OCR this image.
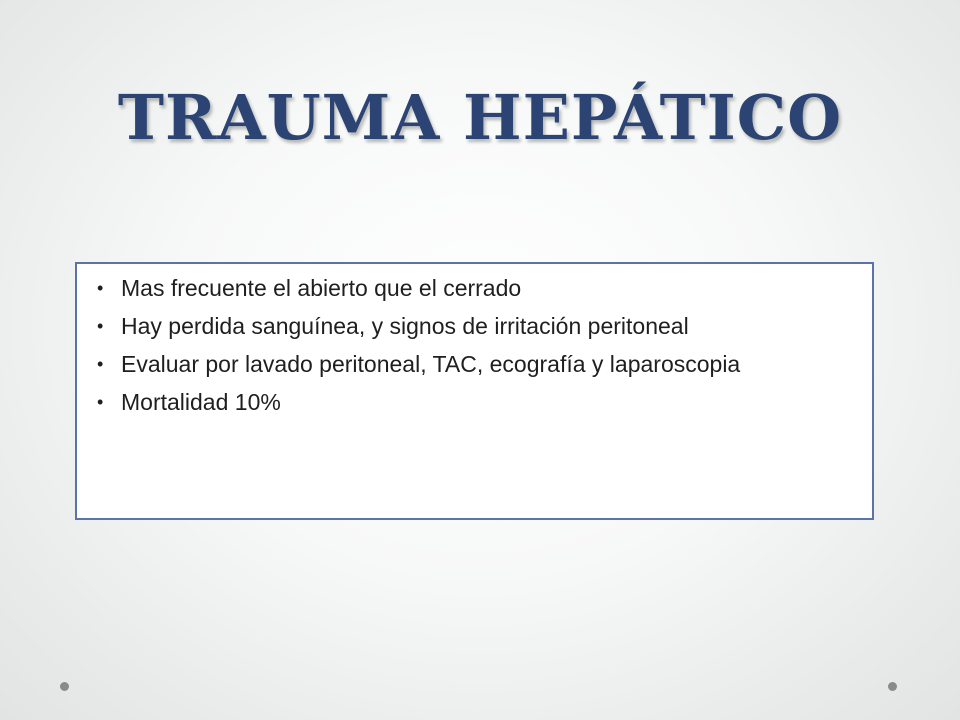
TRAUMA HEPÁTICO
• Mas frecuente el abierto que el cerrado
• Hay perdida sanguínea, y signos de irritación peritoneal
• Evaluar por lavado peritoneal, TAC, ecografía y laparoscopia
• Mortalidad 10%
